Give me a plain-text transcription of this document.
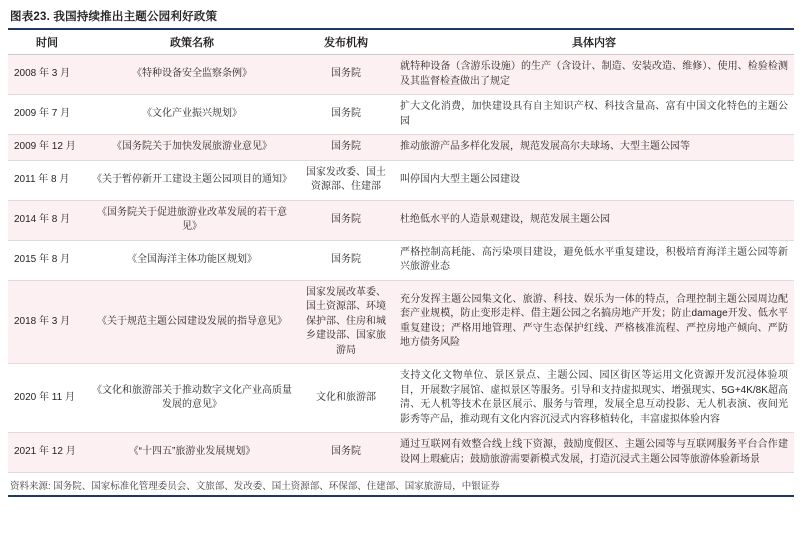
图表23. 我国持续推出主题公园利好政策
时间	政策名称	发布机构	具体内容
2008 年 3 月	《特种设备安全监察条例》	国务院	就特种设备（含游乐设施）的生产（含设计、制造、安装改造、维修）、使用、检验检测及其监督检查做出了规定
2009 年 7 月	《文化产业振兴规划》	国务院	扩大文化消费，加快建设具有自主知识产权、科技含量高、富有中国文化特色的主题公园
2009 年 12 月	《国务院关于加快发展旅游业意见》	国务院	推动旅游产品多样化发展，规范发展高尔夫球场、大型主题公园等
2011 年 8 月	《关于暂停新开工建设主题公园项目的通知》	国家发改委、国土资源部、住建部	叫停国内大型主题公园建设
2014 年 8 月	《国务院关于促进旅游业改革发展的若干意见》	国务院	杜绝低水平的人造景观建设，规范发展主题公园
2015 年 8 月	《全国海洋主体功能区规划》	国务院	严格控制高耗能、高污染项目建设，避免低水平重复建设，积极培育海洋主题公园等新兴旅游业态
2018 年 3 月	《关于规范主题公园建设发展的指导意见》	国家发展改革委、国土资源部、环境保护部、住房和城乡建设部、国家旅游局	充分发挥主题公园集文化、旅游、科技、娱乐为一体的特点，合理控制主题公园周边配套产业规模，防止变形走样、借主题公园之名搞房地产开发；防止damage开发、低水平重复建设；严格用地管理、严守生态保护红线、严格核准流程、严控房地产倾向、严防地方债务风险
2020 年 11 月	《文化和旅游部关于推动数字文化产业高质量发展的意见》	文化和旅游部	支持文化文物单位、景区景点、主题公园、园区街区等运用文化资源开发沉浸体验项目，开展数字展馆、虚拟景区等服务。引导和支持虚拟现实、增强现实、5G+4K/8K超高清、无人机等技术在景区展示、服务与管理，发展全息互动投影、无人机表演、夜间光影秀等产品，推动现有文化内容沉浸式内容移植转化，丰富虚拟体验内容
2021 年 12 月	《“十四五”旅游业发展规划》	国务院	通过互联网有效整合线上线下资源，鼓励度假区、主题公园等与互联网服务平台合作建设网上瑕疵店；鼓励旅游需要新模式发展，打造沉浸式主题公园等旅游体验新场景
资料来源: 国务院、国家标准化管理委员会、文旅部、发改委、国土资源部、环保部、住建部、国家旅游局，中银证券
